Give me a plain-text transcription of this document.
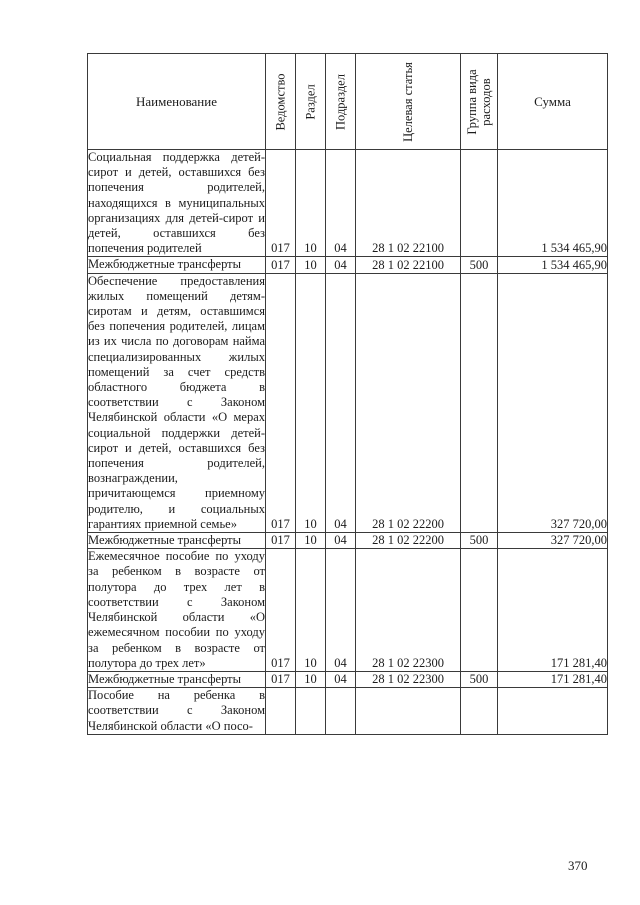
Наименование	Ведомство	Раздел	Подраздел	Целевая статья	Группа вида расходов	Сумма
Социальная поддержка детей-сирот и детей, оставшихся без попечения родителей, находящихся в муниципальных организациях для детей-сирот и детей, оставшихся без попечения родителей	017	10	04	28 1 02 22100		1 534 465,90
Межбюджетные трансферты	017	10	04	28 1 02 22100	500	1 534 465,90
Обеспечение предоставления жилых помещений детям-сиротам и детям, оставшимся без попечения родителей, лицам из их числа по договорам найма специализированных жилых помещений за счет средств областного бюджета в соответствии с Законом Челябинской области «О мерах социальной поддержки детей-сирот и детей, оставшихся без попечения родителей, вознаграждении, причитающемся приемному родителю, и социальных гарантиях приемной семье»	017	10	04	28 1 02 22200		327 720,00
Межбюджетные трансферты	017	10	04	28 1 02 22200	500	327 720,00
Ежемесячное пособие по уходу за ребенком в возрасте от полутора до трех лет в соответствии с Законом Челябинской области «О ежемесячном пособии по уходу за ребенком в возрасте от полутора до трех лет»	017	10	04	28 1 02 22300		171 281,40
Межбюджетные трансферты	017	10	04	28 1 02 22300	500	171 281,40
Пособие на ребенка в соответствии с Законом Челябинской области «О посо-						
370
